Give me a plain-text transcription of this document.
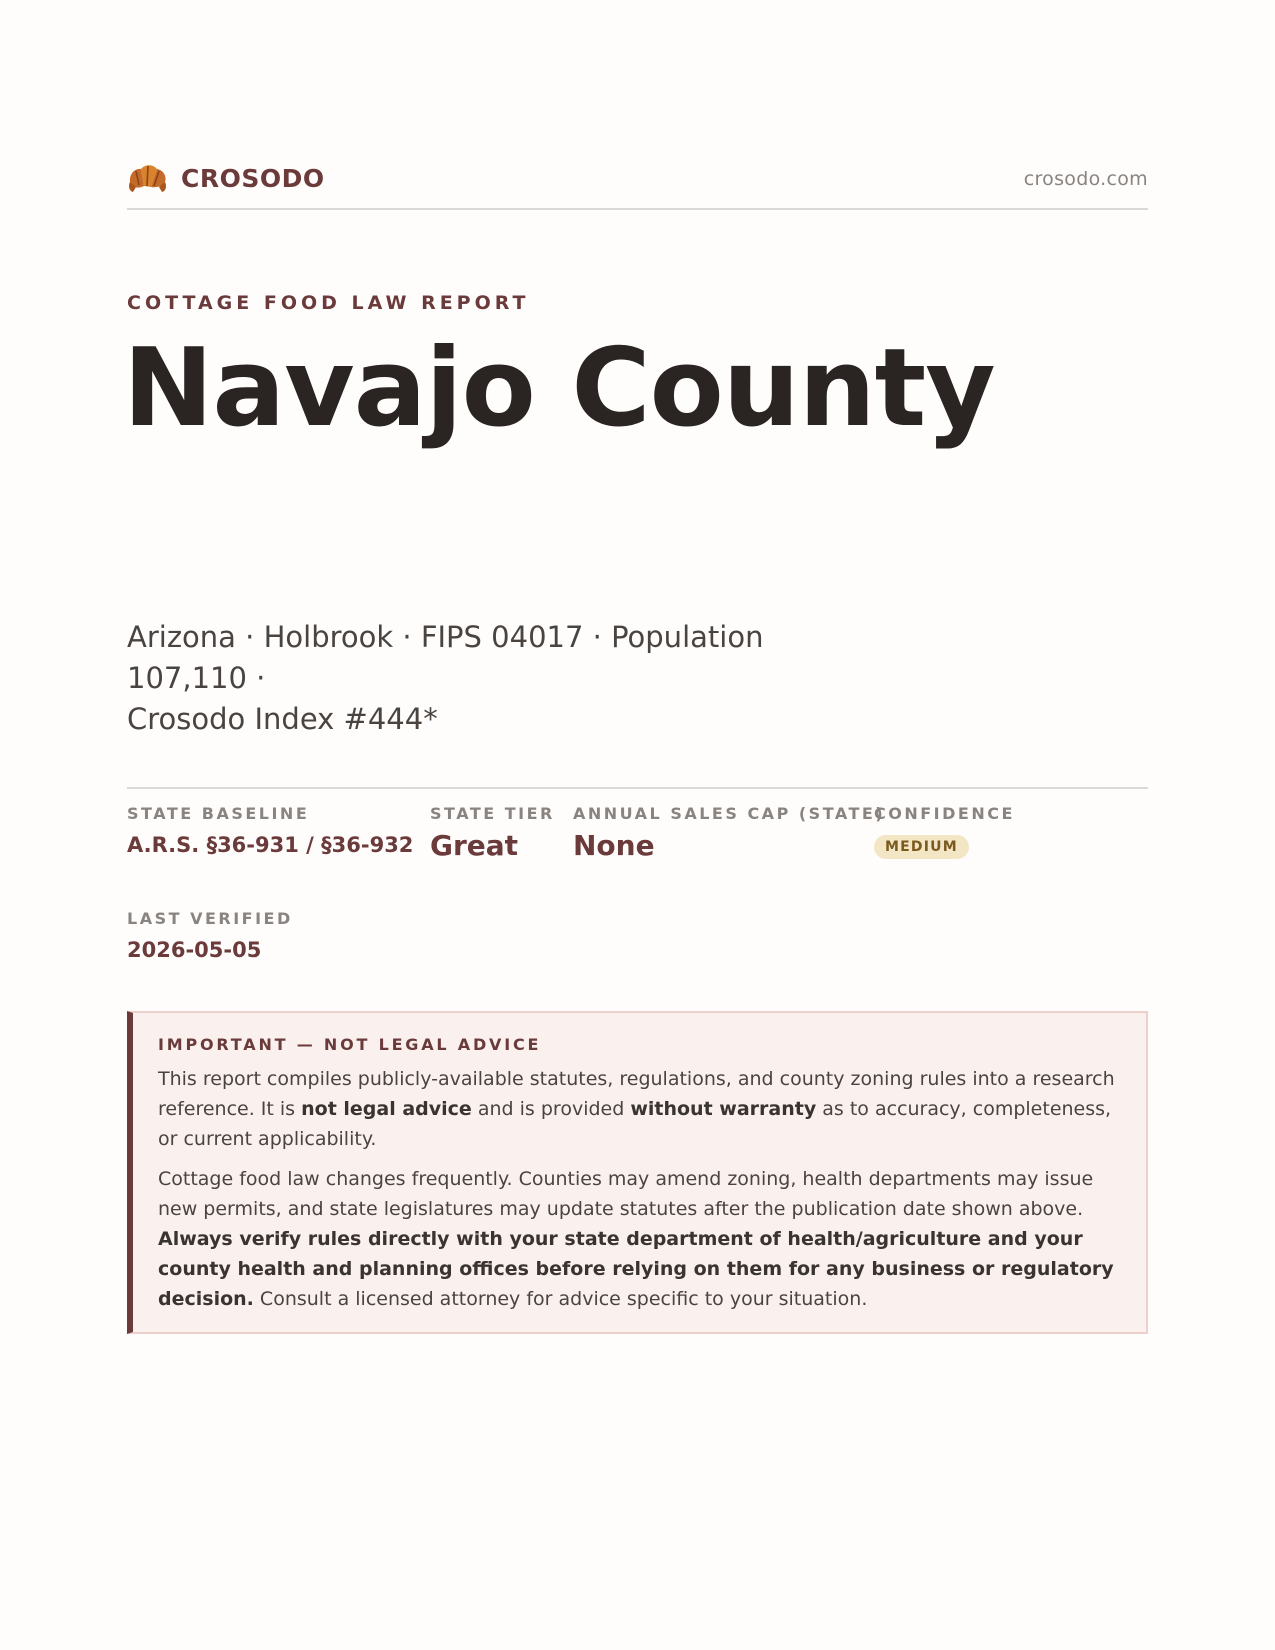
CROSODO	crosodo.com
COTTAGE FOOD LAW REPORT
Navajo County
Arizona · Holbrook · FIPS 04017 · Population 107,110 ·
Crosodo Index #444*
STATE BASELINE
A.R.S. §36-931 / §36-932
STATE TIER
Great
ANNUAL SALES CAP (STATE)
None
CONFIDENCE
MEDIUM
LAST VERIFIED
2026-05-05
IMPORTANT — NOT LEGAL ADVICE

This report compiles publicly-available statutes, regulations, and county zoning rules into a research reference. It is not legal advice and is provided without warranty as to accuracy, completeness, or current applicability.

Cottage food law changes frequently. Counties may amend zoning, health departments may issue new permits, and state legislatures may update statutes after the publication date shown above. Always verify rules directly with your state department of health/agriculture and your county health and planning offices before relying on them for any business or regulatory decision. Consult a licensed attorney for advice specific to your situation.
